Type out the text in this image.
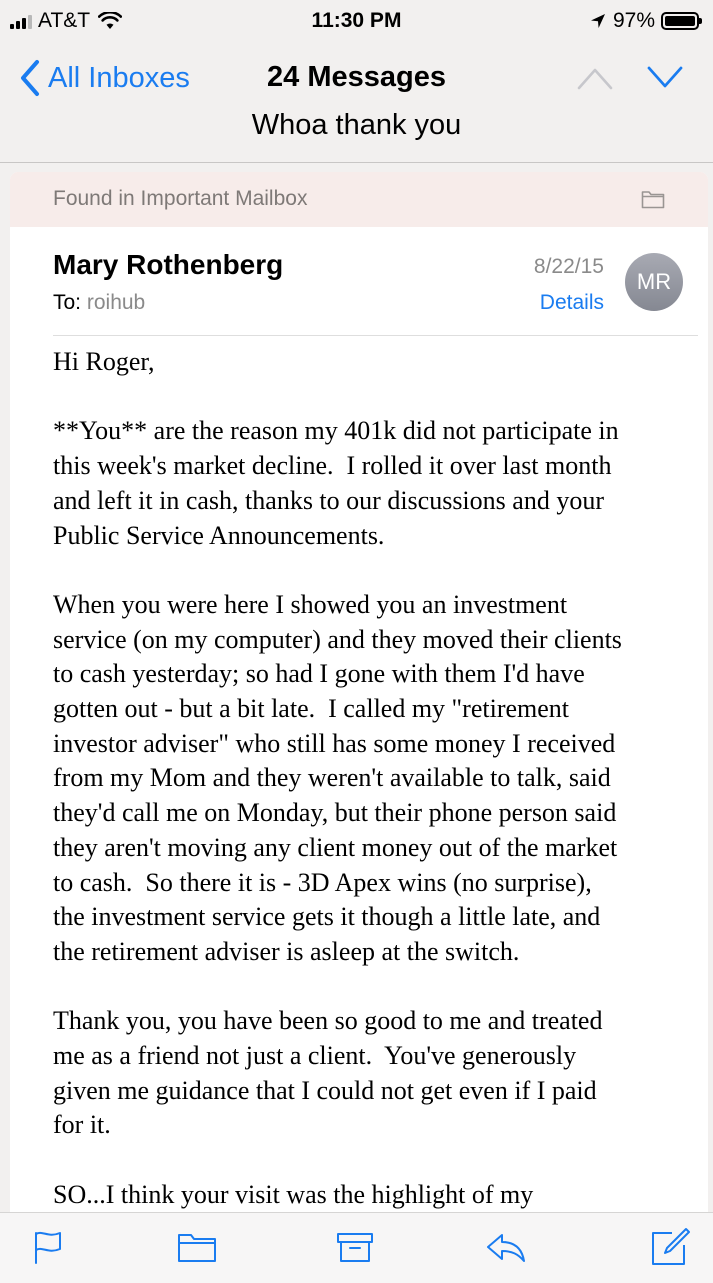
AT&T	11:30 PM	97%
All Inboxes	24 Messages
Whoa thank you
Found in Important Mailbox
Mary Rothenberg
To: roihub
8/22/15
Details
MR

Hi Roger,

**You** are the reason my 401k did not participate in
this week's market decline.  I rolled it over last month
and left it in cash, thanks to our discussions and your
Public Service Announcements.

When you were here I showed you an investment
service (on my computer) and they moved their clients
to cash yesterday; so had I gone with them I'd have
gotten out - but a bit late.  I called my "retirement
investor adviser" who still has some money I received
from my Mom and they weren't available to talk, said
they'd call me on Monday, but their phone person said
they aren't moving any client money out of the market
to cash.  So there it is - 3D Apex wins (no surprise),
the investment service gets it though a little late, and
the retirement adviser is asleep at the switch.

Thank you, you have been so good to me and treated
me as a friend not just a client.  You've generously
given me guidance that I could not get even if I paid
for it.

SO...I think your visit was the highlight of my
